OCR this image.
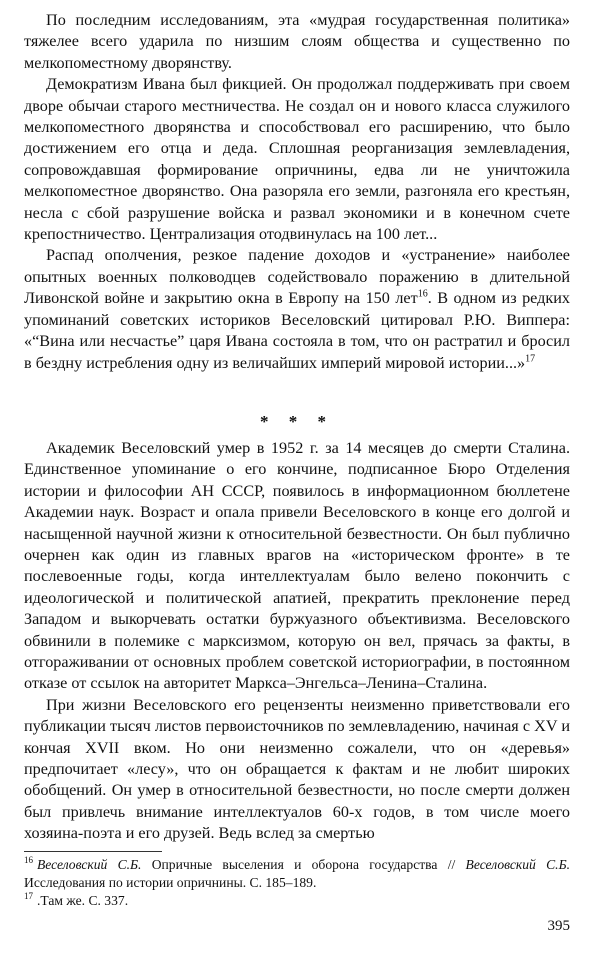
По последним исследованиям, эта «мудрая государственная политика» тяжелее всего ударила по низшим слоям общества и существенно по мелкопоместному дворянству.

Демократизм Ивана был фикцией. Он продолжал поддерживать при своем дворе обычаи старого местничества. Не создал он и нового класса служилого мелкопоместного дворянства и способствовал его расширению, что было достижением его отца и деда. Сплошная реорганизация землевладения, сопровождавшая формирование опричнины, едва ли не уничтожила мелкопоместное дворянство. Она разоряла его земли, разгоняла его крестьян, несла с сбой разрушение войска и развал экономики и в конечном счете крепостничество. Централизация отодвинулась на 100 лет...

Распад ополчения, резкое падение доходов и «устранение» наиболее опытных военных полководцев содействовало поражению в длительной Ливонской войне и закрытию окна в Европу на 150 лет$^{16}$. В одном из редких упоминаний советских историков Веселовский цитировал Р.Ю. Виппера: «“Вина или несчастье” царя Ивана состояла в том, что он растратил и бросил в бездну истребления одну из величайших империй мировой истории...»$^{17}$

* * *

Академик Веселовский умер в 1952 г. за 14 месяцев до смерти Сталина. Единственное упоминание о его кончине, подписанное Бюро Отделения истории и философии АН СССР, появилось в информационном бюллетене Академии наук. Возраст и опала привели Веселовского в конце его долгой и насыщенной научной жизни к относительной безвестности. Он был публично очернен как один из главных врагов на «историческом фронте» в те послевоенные годы, когда интеллектуалам было велено покончить с идеологической и политической апатией, прекратить преклонение перед Западом и выкорчевать остатки буржуазного объективизма. Веселовского обвинили в полемике с марксизмом, которую он вел, прячась за факты, в отгораживании от основных проблем советской историографии, в постоянном отказе от ссылок на авторитет Маркса–Энгельса–Ленина–Сталина.

При жизни Веселовского его рецензенты неизменно приветствовали его публикации тысяч листов первоисточников по землевладению, начиная с XV и кончая XVII вком. Но они неизменно сожалели, что он «деревья» предпочитает «лесу», что он обращается к фактам и не любит широких обобщений. Он умер в относительной безвестности, но после смерти должен был привлечь внимание интеллектуалов 60-х годов, в том числе моего хозяина-поэта и его друзей. Ведь вслед за смертью

$^{16}$ Веселовский С.Б. Опричные выселения и оборона государства // Веселовский С.Б. Исследования по истории опричнины. С. 185–189.

$^{17}$ .Там же. С. 337.

395
